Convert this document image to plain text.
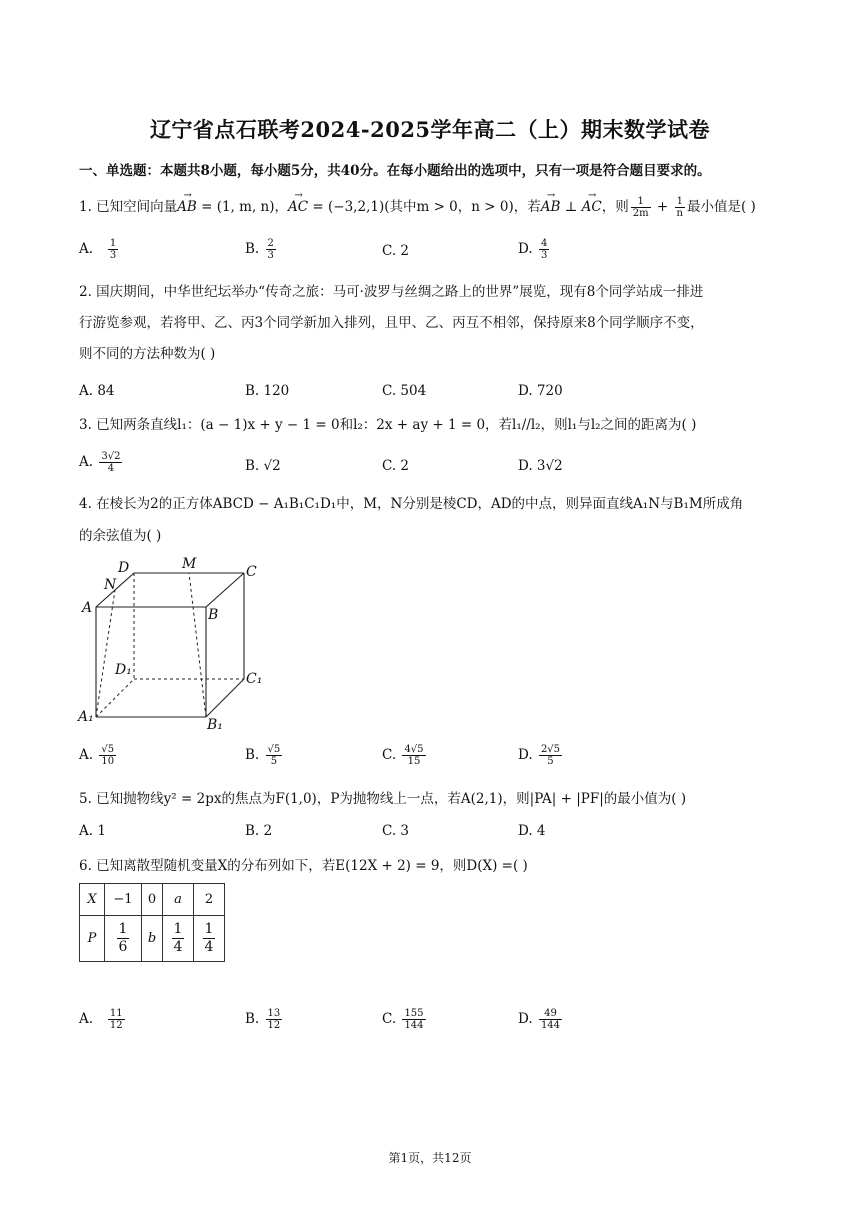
辽宁省点石联考2024-2025学年高二（上）期末数学试卷
一、单选题：本题共8小题，每小题5分，共40分。在每小题给出的选项中，只有一项是符合题目要求的。
1. 已知空间向量→ AB = (1, m, n)，→ AC = (−3,2,1)(其中m > 0，n > 0)，若→ AB ⊥ → AC，则 $\frac{1}{2m} + \frac{1}{n}$ 最小值是( )
A. $\frac{1}{3}$	B. $\frac{2}{3}$	C. 2	D. $\frac{4}{3}$
2. 国庆期间，中华世纪坛举办“传奇之旅：马可·波罗与丝绸之路上的世界”展览，现有8个同学站成一排进
行游览参观，若将甲、乙、丙3个同学新加入排列，且甲、乙、丙互不相邻，保持原来8个同学顺序不变，
则不同的方法种数为( )
A. 84	B. 120	C. 504	D. 720
3. 已知两条直线l₁：(a − 1)x + y − 1 = 0和l₂：2x + ay + 1 = 0，若l₁//l₂，则l₁与l₂之间的距离为( )
A. $\frac{3√2}{4}$	B. √2	C. 2	D. 3√2
4. 在棱长为2的正方体ABCD − A₁B₁C₁D₁中，M，N分别是棱CD，AD的中点，则异面直线A₁N与B₁M所成角
的余弦值为( )
D	M	C
N
A	B
D₁
C₁
A₁	B₁
A. $\frac{√5}{10}$	B. $\frac{√5}{5}$	C. $\frac{4√5}{15}$	D. $\frac{2√5}{5}$
5. 已知抛物线y² = 2px的焦点为F(1,0)，P为抛物线上一点，若A(2,1)，则|PA| + |PF|的最小值为( )
A. 1	B. 2	C. 3	D. 4
6. 已知离散型随机变量X的分布列如下，若E(12X + 2) = 9，则D(X) =( )
X	−1	0	a	2
P	$\frac{1}{6}$	b	$\frac{1}{4}$	$\frac{1}{4}$
A. $\frac{11}{12}$	B. $\frac{13}{12}$	C. $\frac{155}{144}$	D. $\frac{49}{144}$
第1页，共12页
